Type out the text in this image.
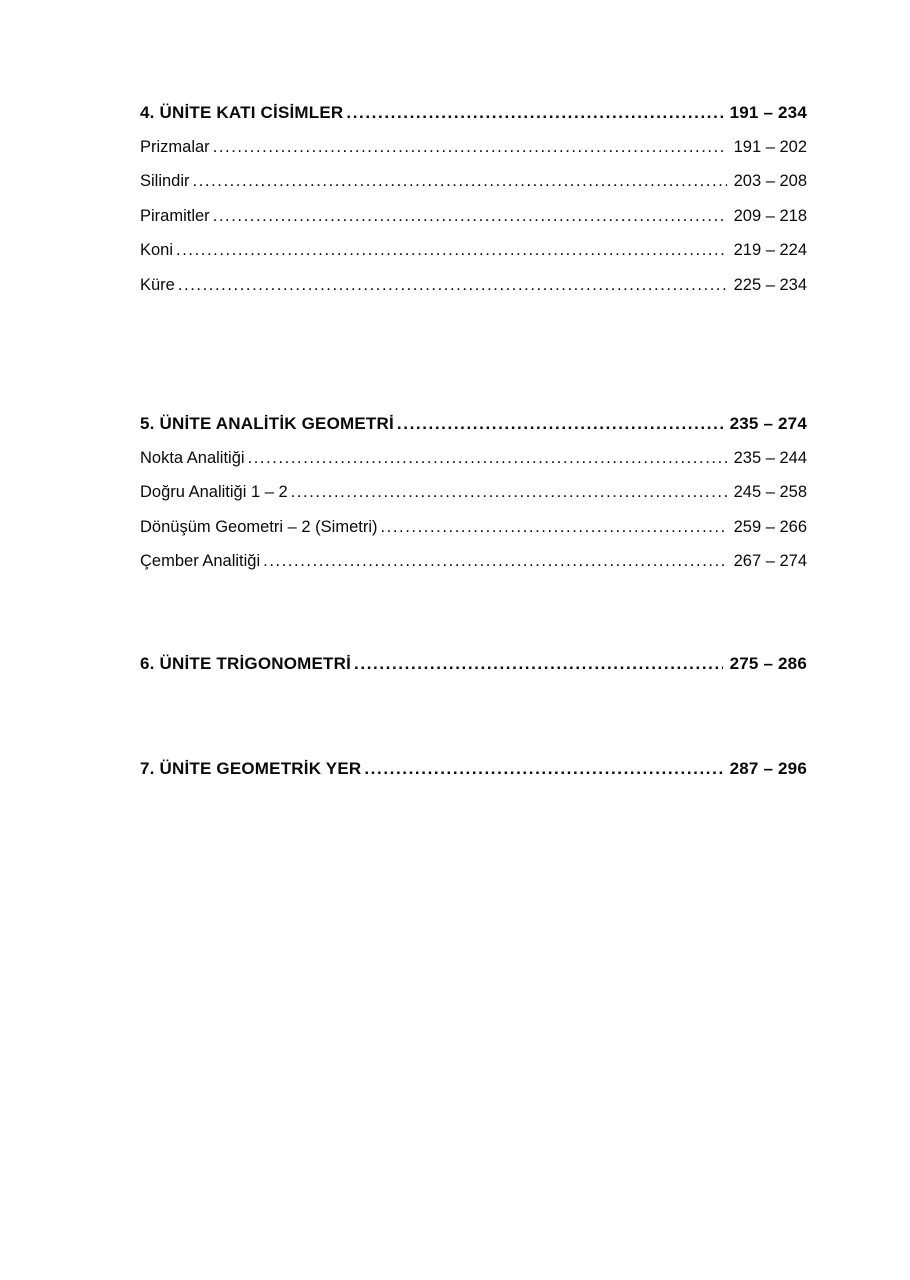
4. ÜNİTE KATI CİSİMLER .....	191 – 234
Prizmalar .....	191 – 202
Silindir .....	203 – 208
Piramitler .....	209 – 218
Koni .....	219 – 224
Küre .....	225 – 234
5. ÜNİTE ANALİTİK GEOMETRİ .....	235 – 274
Nokta Analitiği .....	235 – 244
Doğru Analitiği 1 – 2 .....	245 – 258
Dönüşüm Geometri – 2 (Simetri) .....	259 – 266
Çember Analitiği .....	267 – 274
6. ÜNİTE TRİGONOMETRİ .....	275 – 286
7. ÜNİTE GEOMETRİK YER .....	287 – 296
